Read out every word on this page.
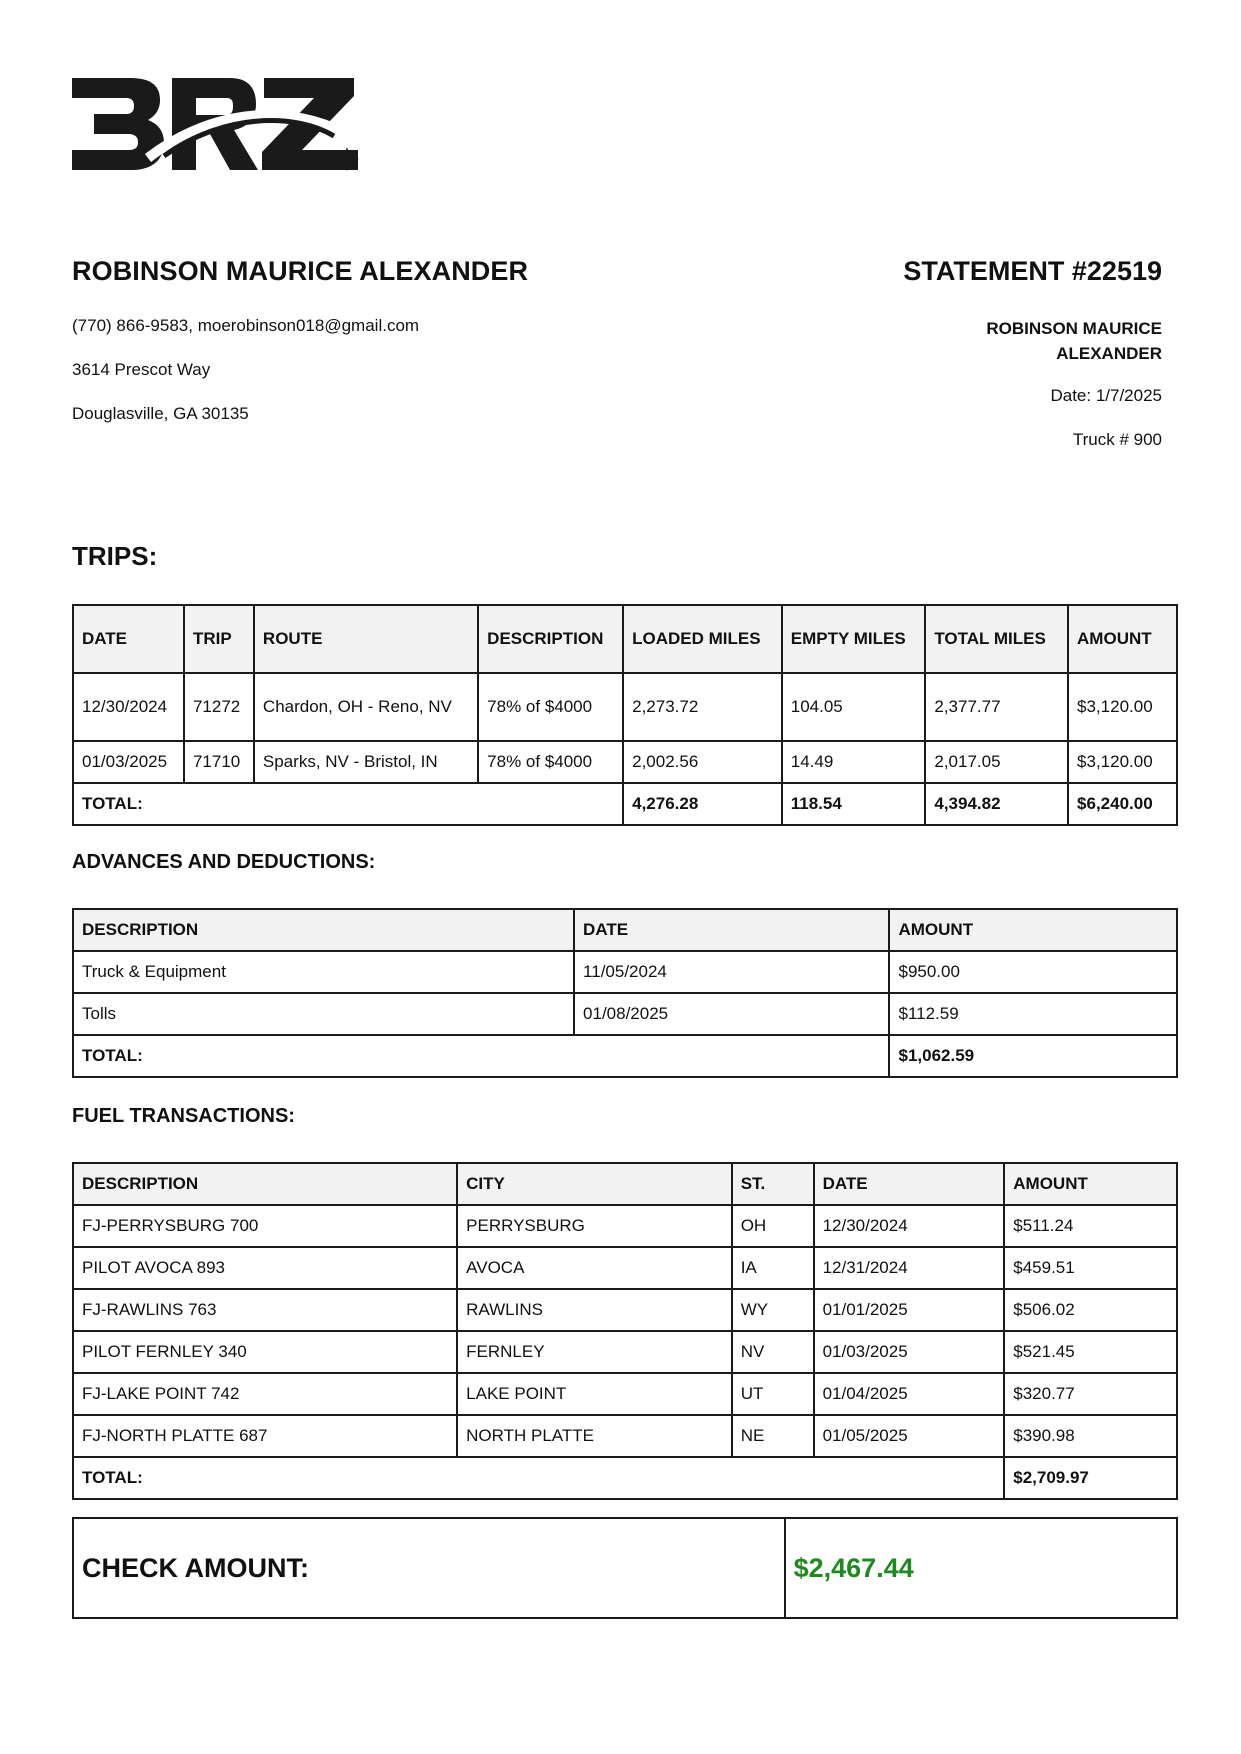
ROBINSON MAURICE ALEXANDER
(770) 866-9583, moerobinson018@gmail.com
3614 Prescot Way
Douglasville, GA 30135
STATEMENT #22519
ROBINSON MAURICE ALEXANDER
Date: 1/7/2025
Truck # 900
TRIPS:
DATE	TRIP	ROUTE	DESCRIPTION	LOADED MILES	EMPTY MILES	TOTAL MILES	AMOUNT
12/30/2024	71272	Chardon, OH - Reno, NV	78% of $4000	2,273.72	104.05	2,377.77	$3,120.00
01/03/2025	71710	Sparks, NV - Bristol, IN	78% of $4000	2,002.56	14.49	2,017.05	$3,120.00
TOTAL:				4,276.28	118.54	4,394.82	$6,240.00
ADVANCES AND DEDUCTIONS:
DESCRIPTION	DATE	AMOUNT
Truck & Equipment	11/05/2024	$950.00
Tolls	01/08/2025	$112.59
TOTAL:		$1,062.59
FUEL TRANSACTIONS:
DESCRIPTION	CITY	ST.	DATE	AMOUNT
FJ-PERRYSBURG 700	PERRYSBURG	OH	12/30/2024	$511.24
PILOT AVOCA 893	AVOCA	IA	12/31/2024	$459.51
FJ-RAWLINS 763	RAWLINS	WY	01/01/2025	$506.02
PILOT FERNLEY 340	FERNLEY	NV	01/03/2025	$521.45
FJ-LAKE POINT 742	LAKE POINT	UT	01/04/2025	$320.77
FJ-NORTH PLATTE 687	NORTH PLATTE	NE	01/05/2025	$390.98
TOTAL:				$2,709.97
CHECK AMOUNT:	$2,467.44
